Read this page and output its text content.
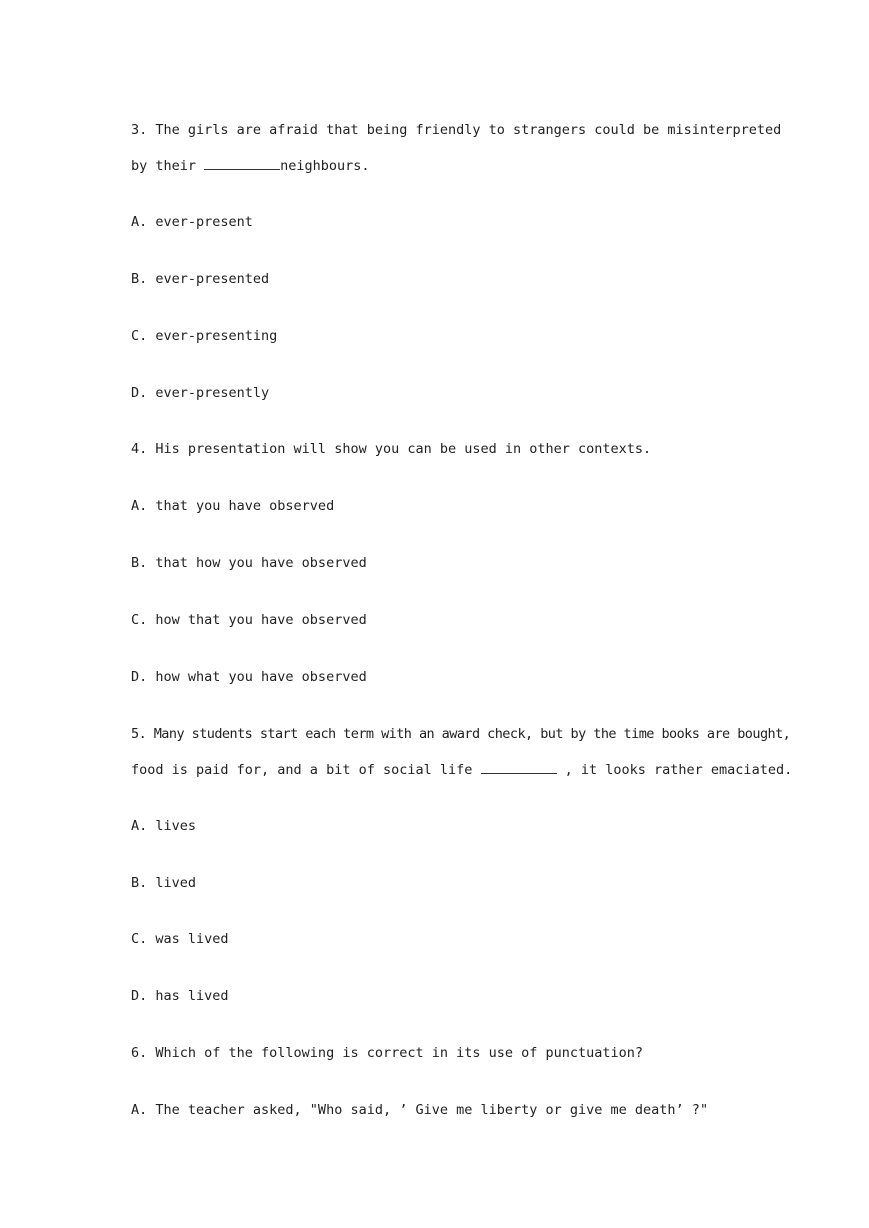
3. The girls are afraid that being friendly to strangers could be misinterpreted
by their	neighbours.
A. ever-present
B. ever-presented
C. ever-presenting
D. ever-presently
4. His presentation will show you can be used in other contexts.
A. that you have observed
B. that how you have observed
C. how that you have observed
D. how what you have observed
5. Many students start each term with an award check, but by the time books are bought,
food is paid for, and a bit of social life	, it looks rather emaciated.
A. lives
B. lived
C. was lived
D. has lived
6. Which of the following is correct in its use of punctuation?
A. The teacher asked, "Who said, ’ Give me liberty or give me death’ ?"
